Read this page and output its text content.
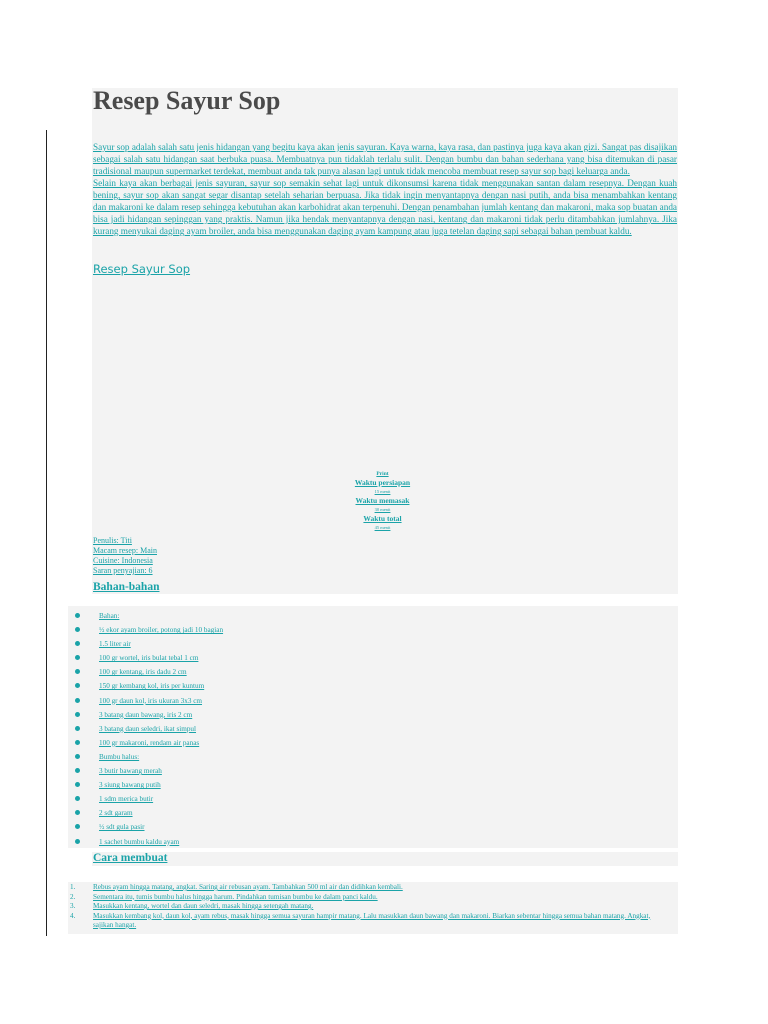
Resep Sayur Sop

Sayur sop adalah salah satu jenis hidangan yang begitu kaya akan jenis sayuran. Kaya warna, kaya rasa, dan pastinya juga kaya akan gizi. Sangat pas disajikan sebagai salah satu hidangan saat berbuka puasa. Membuatnya pun tidaklah terlalu sulit. Dengan bumbu dan bahan sederhana yang bisa ditemukan di pasar tradisional maupun supermarket terdekat, membuat anda tak punya alasan lagi untuk tidak mencoba membuat resep sayur sop bagi keluarga anda.

Selain kaya akan berbagai jenis sayuran, sayur sop semakin sehat lagi untuk dikonsumsi karena tidak menggunakan santan dalam resepnya. Dengan kuah bening, sayur sop akan sangat segar disantap setelah seharian berpuasa. Jika tidak ingin menyantapnya dengan nasi putih, anda bisa menambahkan kentang dan makaroni ke dalam resep sehingga kebutuhan akan karbohidrat akan terpenuhi. Dengan penambahan jumlah kentang dan makaroni, maka sop buatan anda bisa jadi hidangan sepinggan yang praktis. Namun jika hendak menyantapnya dengan nasi, kentang dan makaroni tidak perlu ditambahkan jumlahnya. Jika kurang menyukai daging ayam broiler, anda bisa menggunakan daging ayam kampung atau juga tetelan daging sapi sebagai bahan pembuat kaldu.

Resep Sayur Sop
Print
Waktu persiapan
15 menit
Waktu memasak
30 menit
Waktu total
45 menit
Penulis: Titi
Macam resep: Main
Cuisine: Indonesia
Saran penyajian: 6
Bahan-bahan
Bahan:
½ ekor ayam broiler, potong jadi 10 bagian
1.5 liter air
100 gr wortel, iris bulat tebal 1 cm
100 gr kentang, iris dadu 2 cm
150 gr kembang kol, iris per kuntum
100 gr daun kol, iris ukuran 3x3 cm
3 batang daun bawang, iris 2 cm
3 batang daun seledri, ikat simpul
100 gr makaroni, rendam air panas
Bumbu halus:
3 butir bawang merah
3 siung bawang putih
1 sdm merica butir
2 sdt garam
½ sdt gula pasir
1 sachet bumbu kaldu ayam
Cara membuat
1. Rebus ayam hingga matang, angkat. Saring air rebusan ayam. Tambahkan 500 ml air dan didihkan kembali.
2. Sementara itu, tumis bumbu halus hingga harum. Pindahkan tumisan bumbu ke dalam panci kaldu.
3. Masukkan kentang, wortel dan daun seledri, masak hingga setengah matang.
4. Masukkan kembang kol, daun kol, ayam rebus, masak hingga semua sayuran hampir matang. Lalu masukkan daun bawang dan makaroni. Biarkan sebentar hingga semua bahan matang. Angkat, sajikan hangat.
